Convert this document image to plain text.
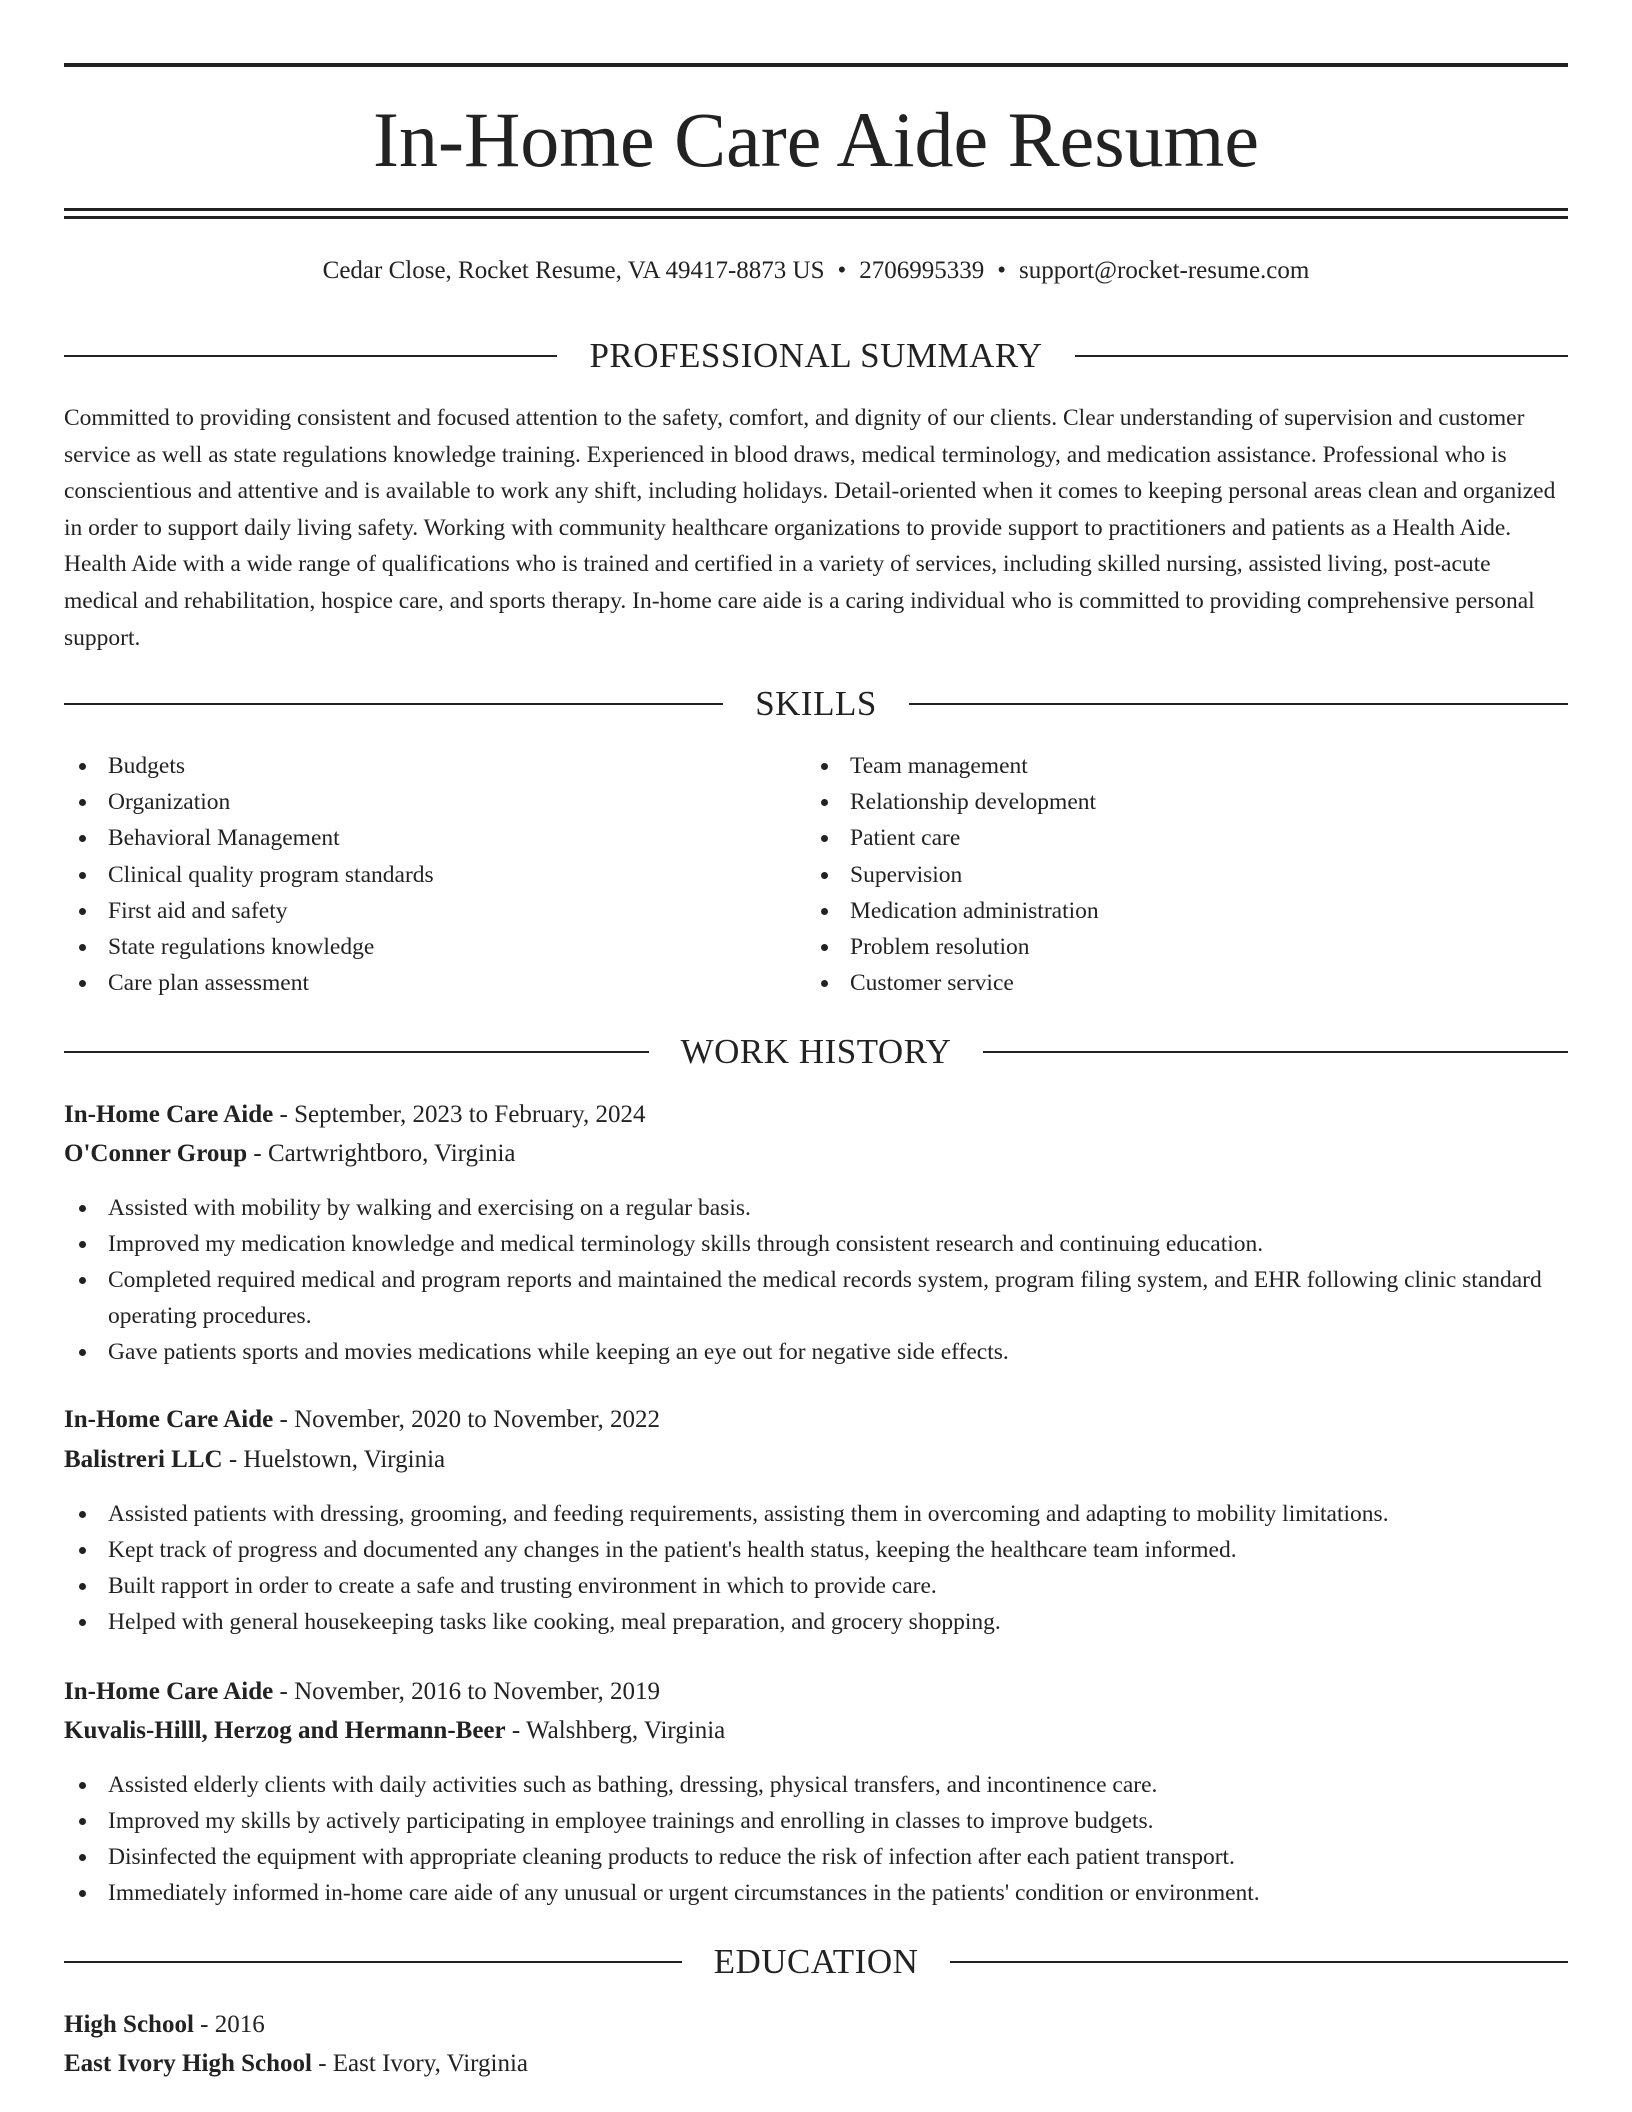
In-Home Care Aide Resume
Cedar Close, Rocket Resume, VA 49417-8873 US • 2706995339 • support@rocket-resume.com
PROFESSIONAL SUMMARY

Committed to providing consistent and focused attention to the safety, comfort, and dignity of our clients. Clear understanding of supervision and customer service as well as state regulations knowledge training. Experienced in blood draws, medical terminology, and medication assistance. Professional who is conscientious and attentive and is available to work any shift, including holidays. Detail-oriented when it comes to keeping personal areas clean and organized in order to support daily living safety. Working with community healthcare organizations to provide support to practitioners and patients as a Health Aide. Health Aide with a wide range of qualifications who is trained and certified in a variety of services, including skilled nursing, assisted living, post-acute medical and rehabilitation, hospice care, and sports therapy. In-home care aide is a caring individual who is committed to providing comprehensive personal support.

SKILLS
Budgets
Organization
Behavioral Management
Clinical quality program standards
First aid and safety
State regulations knowledge
Care plan assessment
Team management
Relationship development
Patient care
Supervision
Medication administration
Problem resolution
Customer service
WORK HISTORY
In-Home Care Aide - September, 2023 to February, 2024
O'Conner Group - Cartwrightboro, Virginia
Assisted with mobility by walking and exercising on a regular basis.
Improved my medication knowledge and medical terminology skills through consistent research and continuing education.
Completed required medical and program reports and maintained the medical records system, program filing system, and EHR following clinic standard operating procedures.
Gave patients sports and movies medications while keeping an eye out for negative side effects.
In-Home Care Aide - November, 2020 to November, 2022
Balistreri LLC - Huelstown, Virginia
Assisted patients with dressing, grooming, and feeding requirements, assisting them in overcoming and adapting to mobility limitations.
Kept track of progress and documented any changes in the patient's health status, keeping the healthcare team informed.
Built rapport in order to create a safe and trusting environment in which to provide care.
Helped with general housekeeping tasks like cooking, meal preparation, and grocery shopping.
In-Home Care Aide - November, 2016 to November, 2019
Kuvalis-Hilll, Herzog and Hermann-Beer - Walshberg, Virginia
Assisted elderly clients with daily activities such as bathing, dressing, physical transfers, and incontinence care.
Improved my skills by actively participating in employee trainings and enrolling in classes to improve budgets.
Disinfected the equipment with appropriate cleaning products to reduce the risk of infection after each patient transport.
Immediately informed in-home care aide of any unusual or urgent circumstances in the patients' condition or environment.
EDUCATION
High School - 2016
East Ivory High School - East Ivory, Virginia
